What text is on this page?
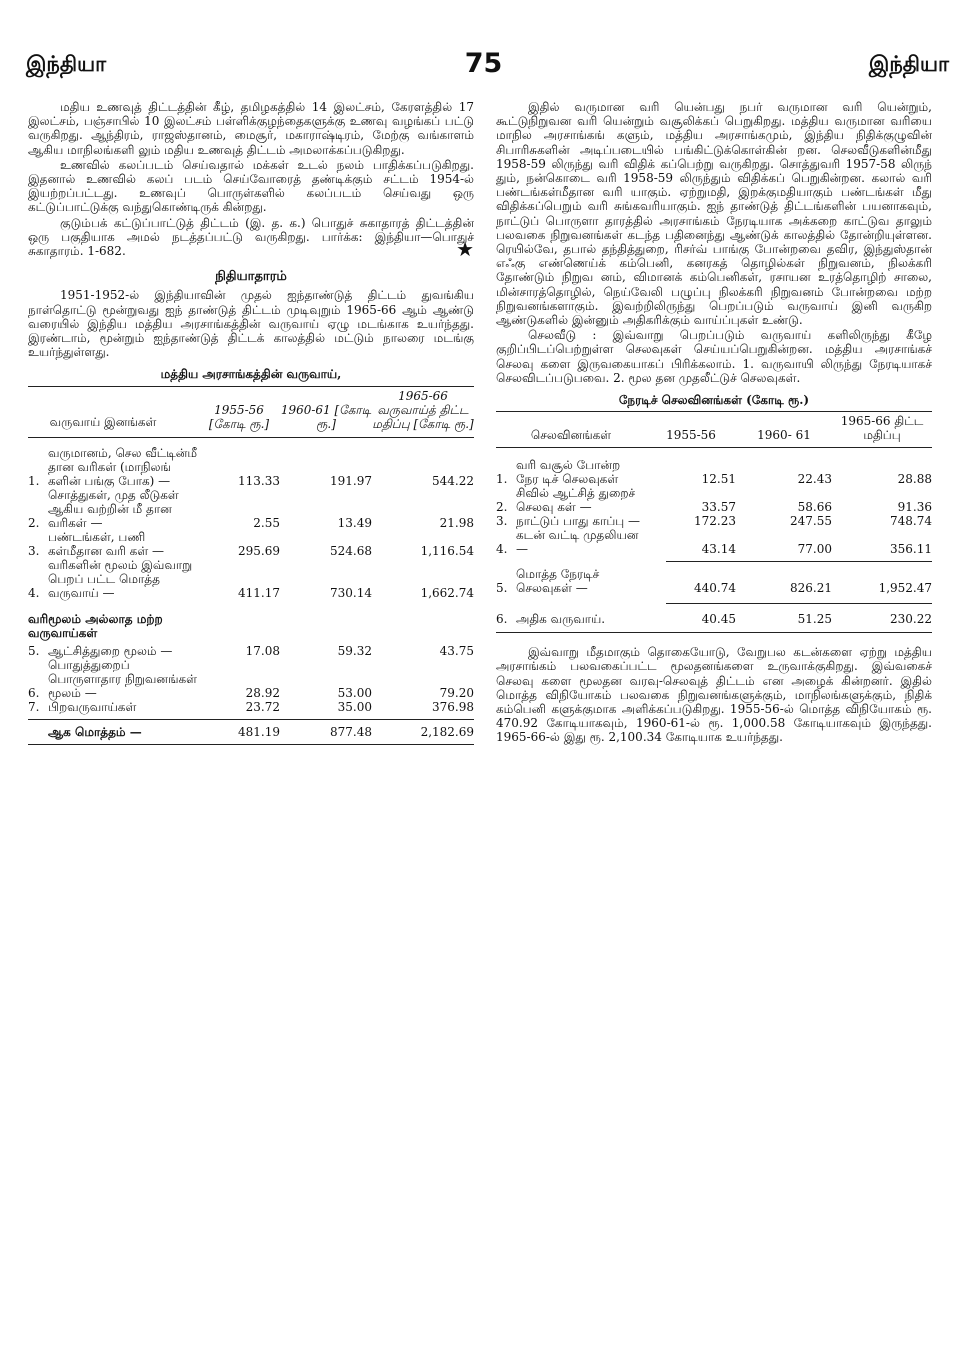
இந்தியா	75	இந்தியா

மதிய உணவுத் திட்டத்தின் கீழ், தமிழகத்தில் 14 இலட்சம், கேரளத்தில் 17 இலட்சம், பஞ்சாபில் 10 இலட்சம் பள்ளிக்குழந்தைகளுக்கு உணவு வழங்கப் பட்டு வருகிறது. ஆந்திரம், ராஜஸ்தானம், மைசூர், மகாராஷ்டிரம், மேற்கு வங்காளம் ஆகிய மாநிலங்களி லும் மதிய உணவுத் திட்டம் அமலாக்கப்படுகிறது.

உணவில் கலப்படம் செய்வதால் மக்கள் உடல் நலம் பாதிக்கப்படுகிறது. இதனால் உணவில் கலப் படம் செய்வோரைத் தண்டிக்கும் சட்டம் 1954-ல் இயற்றப்பட்டது. உணவுப் பொருள்களில் கலப்படம் செய்வது ஒரு கட்டுப்பாட்டுக்கு வந்துகொண்டிருக் கின்றது.

குடும்பக் கட்டுப்பாட்டுத் திட்டம் (இ. த. க.) பொதுச் சுகாதாரத் திட்டத்தின் ஒரு பகுதியாக அமல் நடத்தப்பட்டு வருகிறது. பார்க்க: இந்தியா—பொதுச் சுகாதாரம். 1-682.	★

நிதியாதாரம்

1951-1952-ல் இந்தியாவின் முதல் ஐந்தாண்டுத் திட்டம் துவங்கிய நாள்தொட்டு மூன்றுவது ஐந் தாண்டுத் திட்டம் முடிவுறும் 1965-66 ஆம் ஆண்டு வரையில் இந்திய மத்திய அரசாங்கத்தின் வருவாய் ஏழு மடங்காக உயர்ந்தது. இரண்டாம், மூன்றும் ஐந்தாண்டுத் திட்டக் காலத்தில் மட்டும் நாலரை மடங்கு உயர்ந்துள்ளது.

மத்திய அரசாங்கத்தின் வருவாய்,
வருவாய் இனங்கள்		1955-56 [கோடி ரூ.]	1960-61 [கோடி ரூ.]	1965-66 வருவாய்த் திட்ட மதிப்பு [கோடி ரூ.]

1.	வருமானம், செல வீட்டின்மீ தான வரிகள் (மாநிலங் களின் பங்கு போக) —	113.33	191.97	544.22
2.	சொத்துகள், முத லீடுகள் ஆகிய வற்றின் மீ தான வரிகள் —	2.55	13.49	21.98
3.	பண்டங்கள், பணி கள்மீதான வரி கள் —	295.69	524.68	1,116.54
4.	வரிகளின் மூலம் இவ்வாறு பெறப் பட்ட மொத்த வருவாய் —	411.17	730.14	1,662.74
வரிமூலம் அல்லாத மற்ற வருவாய்கள்				
5.	ஆட்சித்துறை மூலம் —	17.08	59.32	43.75
6.	பொதுத்துறைப் பொருளாதார நிறுவனங்கள் மூலம் —	28.92	53.00	79.20
7.	பிறவருவாய்கள்	23.72	35.00	376.98

	ஆக மொத்தம் —	481.19	877.48	2,182.69

இதில் வருமான வரி யென்பது நபர் வருமான வரி யென்றும், கூட்டுநிறுவன வரி யென்றும் வசூலிக்கப் பெறுகிறது. மத்திய வருமான வரியை மாநில அரசாங்கங் களும், மத்திய அரசாங்கமும், இந்திய நிதிக்குழுவின் சிபாரிசுகளின் அடிப்படையில் பங்கிட்டுக்கொள்கின் றன. செலவீடுகளின்மீது 1958-59 லிருந்து வரி விதிக் கப்பெற்று வருகிறது. சொத்துவரி 1957-58 லிருந் தும், நன்கொடை வரி 1958-59 லிருந்தும் விதிக்கப் பெறுகின்றன. கலால் வரி பண்டங்கள்மீதான வரி யாகும். ஏற்றுமதி, இறக்குமதியாகும் பண்டங்கள் மீது விதிக்கப்பெறும் வரி சுங்கவரியாகும். ஐந் தாண்டுத் திட்டங்களின் பயனாகவும், நாட்டுப் பொருளா தாரத்தில் அரசாங்கம் நேரடியாக அக்கறை காட்டுவ தாலும் பலவகை நிறுவனங்கள் கடந்த பதினைந்து ஆண்டுக் காலத்தில் தோன்றியுள்ளன. ரெயில்வே, தபால் தந்தித்துறை, ரிசர்வ் பாங்கு போன்றவை தவிர, இந்துஸ்தான் எஃகு எண்ணெய்க் கம்பெனி, கனரகத் தொழில்கள் நிறுவனம், நிலக்கரி தோண்டும் நிறுவ னம், விமானக் கம்பெனிகள், ரசாயன உரத்தொழிற் சாலை, மின்சாரத்தொழில், நெய்வேலி பழுப்பு நிலக்கரி நிறுவனம் போன்றவை மற்ற நிறுவனங்களாகும். இவற்றிலிருந்து பெறப்படும் வருவாய் இனி வருகிற ஆண்டுகளில் இன்னும் அதிகரிக்கும் வாய்ப்புகள் உண்டு.

செலவீடு : இவ்வாறு பெறப்படும் வருவாய் களிலிருந்து கீழே குறிப்பிடப்பெற்றுள்ள செலவுகள் செய்யப்பெறுகின்றன. மத்திய அரசாங்கச் செலவு களை இருவகையாகப் பிரிக்கலாம். 1. வருவாயி லிருந்து நேரடியாகச் செலவிடப்படுபவை. 2. மூல தன முதலீட்டுச் செலவுகள்.

நேரடிச் செலவினங்கள் (கோடி ரூ.)
செலவினங்கள்		1955-56	1960- 61	1965-66 திட்ட மதிப்பு

1.	வரி வசூல் போன்ற நேர டிச் செலவுகள்	12.51	22.43	28.88
2.	சிவில் ஆட்சித் துறைச் செலவு கள் —	33.57	58.66	91.36
3.	நாட்டுப் பாது காப்பு —	172.23	247.55	748.74
4.	கடன் வட்டி முதலியன —	43.14	77.00	356.11

5.	மொத்த நேரடிச் செலவுகள் —	440.74	826.21	1,952.47

6.	அதிக வருவாய்.	40.45	51.25	230.22

இவ்வாறு மீதமாகும் தொகையோடு, வேறுபல கடன்களை ஏற்று மத்திய அரசாங்கம் பலவகைப்பட்ட மூலதனங்களை உருவாக்குகிறது. இவ்வகைச் செலவு களை மூலதன வரவு-செலவுத் திட்டம் என அழைக் கின்றனர். இதில் மொத்த விநியோகம் பலவகை நிறுவனங்களுக்கும், மாநிலங்களுக்கும், நிதிக் கம்பெனி களுக்குமாக அளிக்கப்படுகிறது. 1955-56-ல் மொத்த விநியோகம் ரூ. 470.92 கோடியாகவும், 1960-61-ல் ரூ. 1,000.58 கோடியாகவும் இருந்தது. 1965-66-ல் இது ரூ. 2,100.34 கோடியாக உயர்ந்தது.
